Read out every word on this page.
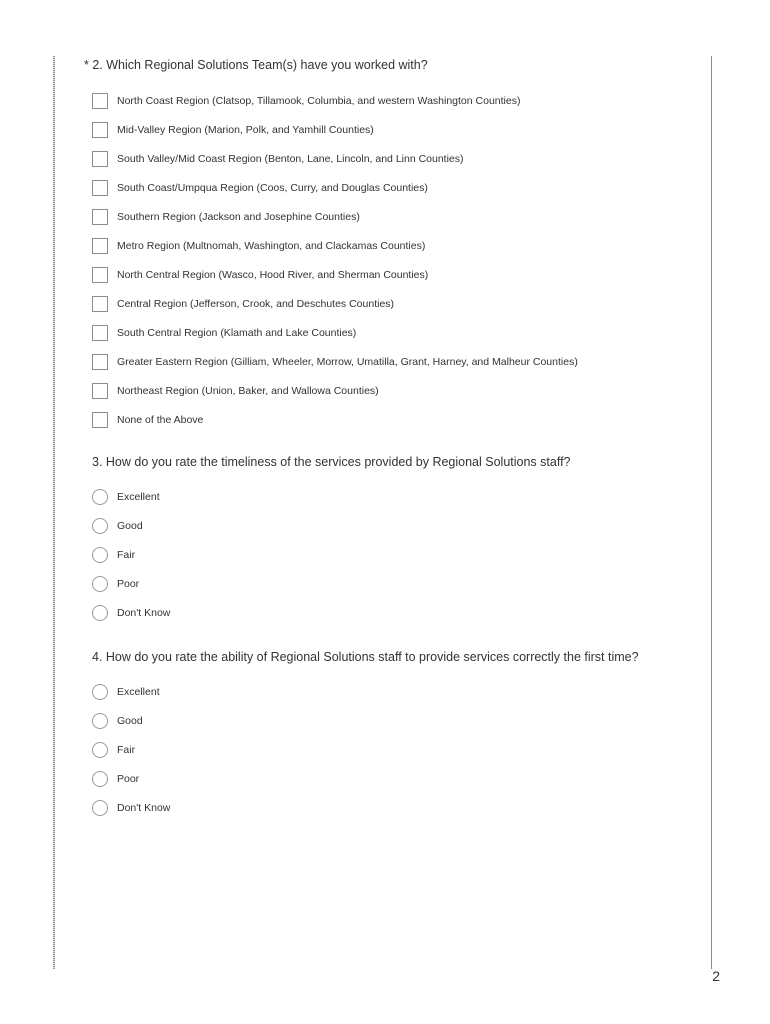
* 2. Which Regional Solutions Team(s) have you worked with?
North Coast Region (Clatsop, Tillamook, Columbia, and western Washington Counties)
Mid-Valley Region (Marion, Polk, and Yamhill Counties)
South Valley/Mid Coast Region (Benton, Lane, Lincoln, and Linn Counties)
South Coast/Umpqua Region (Coos, Curry, and Douglas Counties)
Southern Region (Jackson and Josephine Counties)
Metro Region (Multnomah, Washington, and Clackamas Counties)
North Central Region (Wasco, Hood River, and Sherman Counties)
Central Region (Jefferson, Crook, and Deschutes Counties)
South Central Region (Klamath and Lake Counties)
Greater Eastern Region (Gilliam, Wheeler, Morrow, Umatilla, Grant, Harney, and Malheur Counties)
Northeast Region (Union, Baker, and Wallowa Counties)
None of the Above
3. How do you rate the timeliness of the services provided by Regional Solutions staff?
Excellent
Good
Fair
Poor
Don't Know
4. How do you rate the ability of Regional Solutions staff to provide services correctly the first time?
Excellent
Good
Fair
Poor
Don't Know
2
